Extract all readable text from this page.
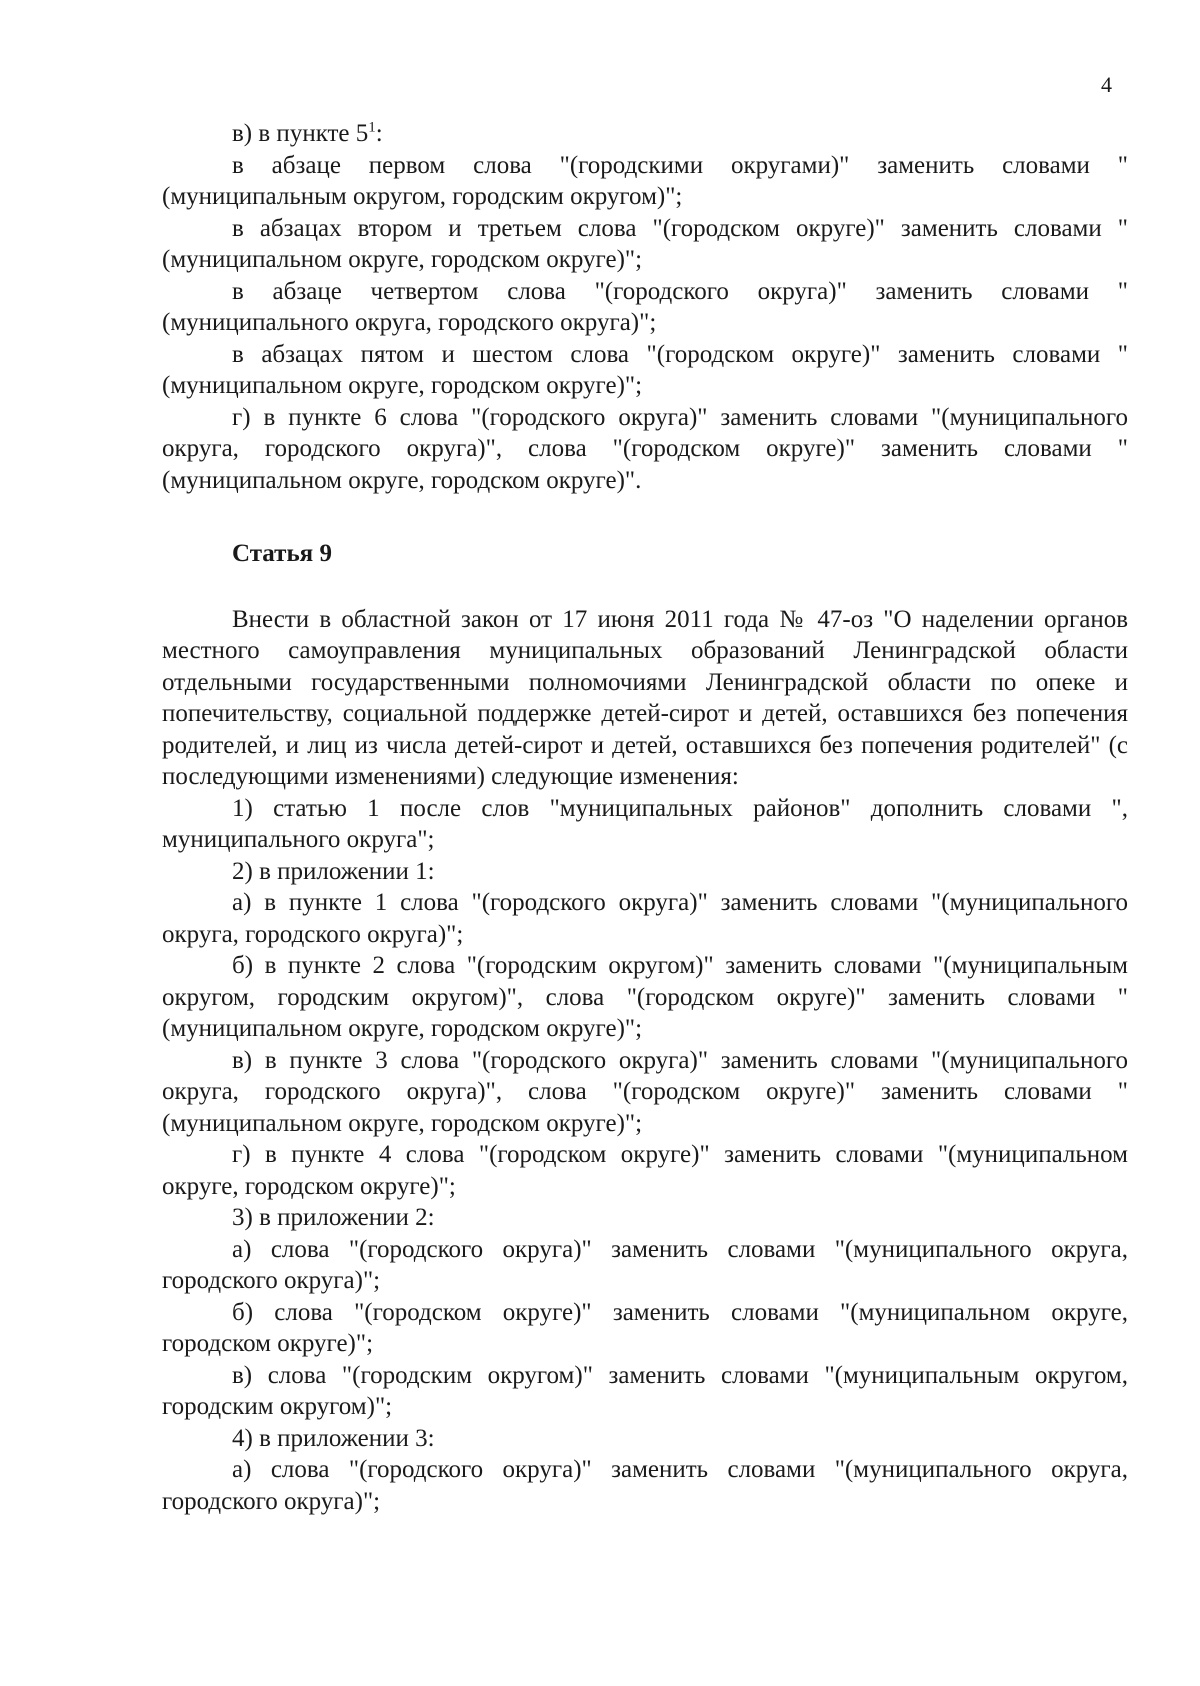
4

в) в пункте $5^1$:

в абзаце первом слова "(городскими округами)" заменить словами "(муниципальным округом, городским округом)";

в абзацах втором и третьем слова "(городском округе)" заменить словами "(муниципальном округе, городском округе)";

в абзаце четвертом слова "(городского округа)" заменить словами "(муниципального округа, городского округа)";

в абзацах пятом и шестом слова "(городском округе)" заменить словами "(муниципальном округе, городском округе)";

г) в пункте 6 слова "(городского округа)" заменить словами "(муниципального округа, городского округа)", слова "(городском округе)" заменить словами "(муниципальном округе, городском округе)".

Статья 9

Внести в областной закон от 17 июня 2011 года № 47-оз "О наделении органов местного самоуправления муниципальных образований Ленинградской области отдельными государственными полномочиями Ленинградской области по опеке и попечительству, социальной поддержке детей-сирот и детей, оставшихся без попечения родителей, и лиц из числа детей-сирот и детей, оставшихся без попечения родителей" (с последующими изменениями) следующие изменения:

1) статью 1 после слов "муниципальных районов" дополнить словами ", муниципального округа";

2) в приложении 1:

а) в пункте 1 слова "(городского округа)" заменить словами "(муниципального округа, городского округа)";

б) в пункте 2 слова "(городским округом)" заменить словами "(муниципальным округом, городским округом)", слова "(городском округе)" заменить словами "(муниципальном округе, городском округе)";

в) в пункте 3 слова "(городского округа)" заменить словами "(муниципального округа, городского округа)", слова "(городском округе)" заменить словами "(муниципальном округе, городском округе)";

г) в пункте 4 слова "(городском округе)" заменить словами "(муниципальном округе, городском округе)";

3) в приложении 2:

а) слова "(городского округа)" заменить словами "(муниципального округа, городского округа)";

б) слова "(городском округе)" заменить словами "(муниципальном округе, городском округе)";

в) слова "(городским округом)" заменить словами "(муниципальным округом, городским округом)";

4) в приложении 3:

а) слова "(городского округа)" заменить словами "(муниципального округа, городского округа)";
